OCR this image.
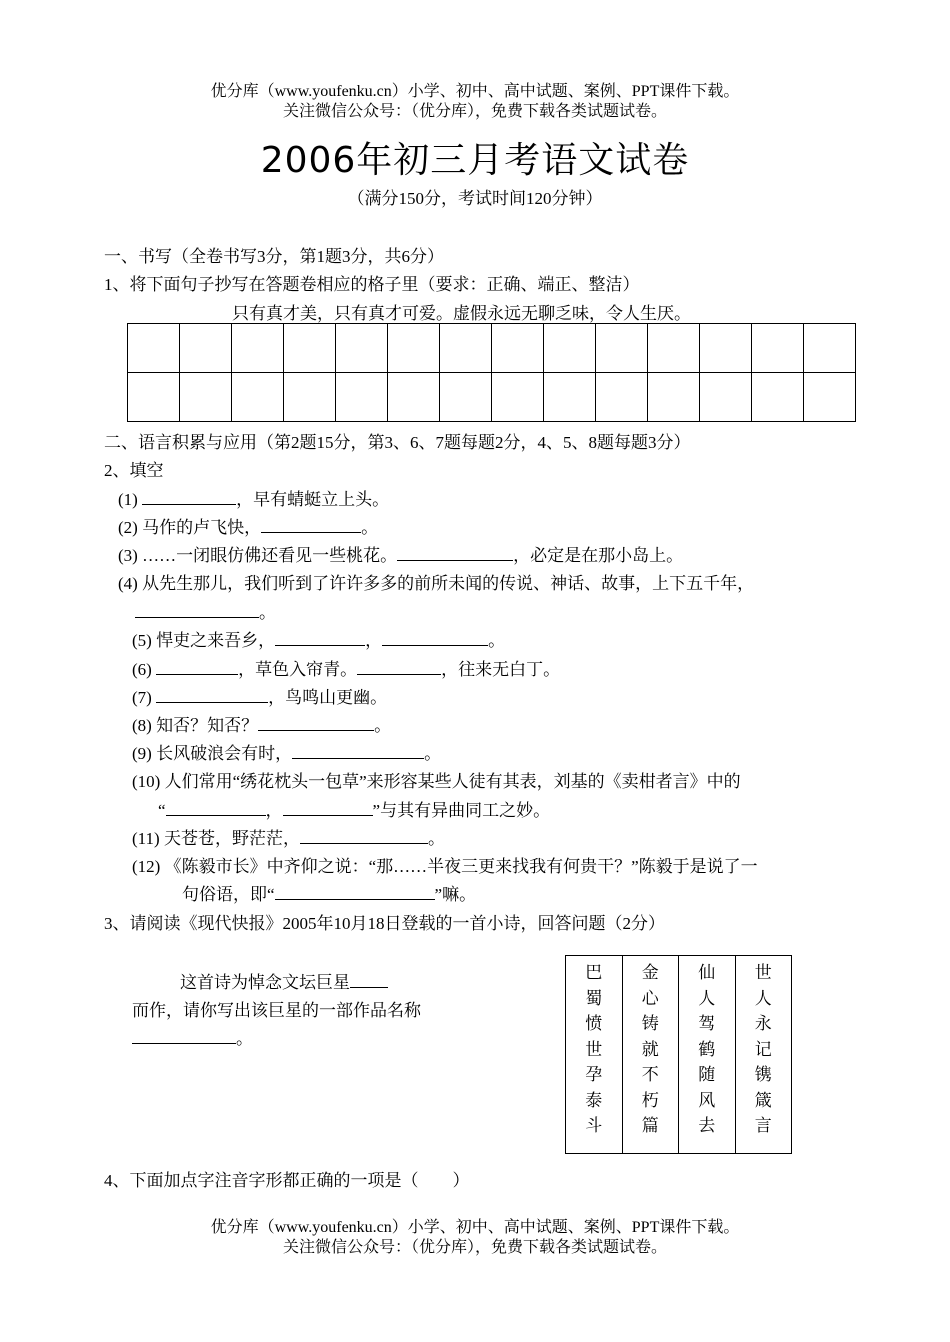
优分库（www.youfenku.cn）小学、初中、高中试题、案例、PPT课件下载。
关注微信公众号：（优分库），免费下载各类试题试卷。
2006年初三月考语文试卷
（满分150分，考试时间120分钟）
一、书写（全卷书写3分，第1题3分，共6分）
1、将下面句子抄写在答题卷相应的格子里（要求：正确、端正、整洁）
只有真才美，只有真才可爱。虚假永远无聊乏味，令人生厌。

二、语言积累与应用（第2题15分，第3、6、7题每题2分，4、5、8题每题3分）
2、填空
(1)	，早有蜻蜓立上头。
(2) 马作的卢飞快，	。
(3) ……一闭眼仿佛还看见一些桃花。	，必定是在那小岛上。
(4) 从先生那儿，我们听到了许许多多的前所未闻的传说、神话、故事，上下五千年，
。
(5) 悍吏之来吾乡，	，	。
(6)	，草色入帘青。	，往来无白丁。
(7)	，鸟鸣山更幽。
(8) 知否？知否？	。
(9) 长风破浪会有时，	。
(10) 人们常用“绣花枕头一包草”来形容某些人徒有其表，刘基的《卖柑者言》中的
“	，	”与其有异曲同工之妙。
(11) 天苍苍，野茫茫，	。
(12) 《陈毅市长》中齐仰之说：“那……半夜三更来找我有何贵干？”陈毅于是说了一
句俗语，即“	”嘛。
3、请阅读《现代快报》2005年10月18日登载的一首小诗，回答问题（2分）
这首诗为悼念文坛巨星
而作，请你写出该巨星的一部作品名称
。
巴
蜀
愤
世
孕
泰
斗
金
心
铸
就
不
朽
篇
仙
人
驾
鹤
随
风
去
世
人
永
记
镌
箴
言
4、下面加点字注音字形都正确的一项是（　　）
优分库（www.youfenku.cn）小学、初中、高中试题、案例、PPT课件下载。
关注微信公众号：（优分库），免费下载各类试题试卷。
